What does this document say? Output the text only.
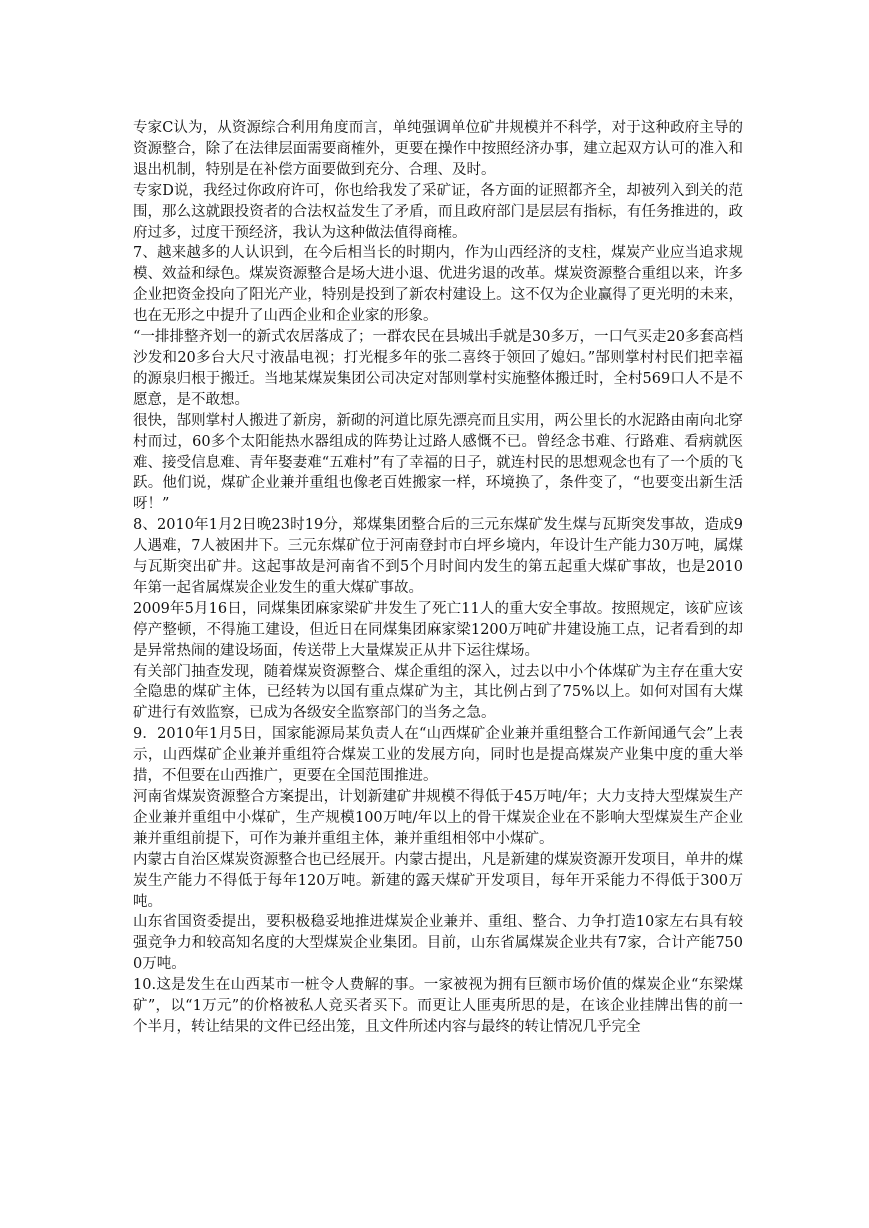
专家C认为，从资源综合利用角度而言，单纯强调单位矿井规模并不科学，对于这种政府主导的资源整合，除了在法律层面需要商榷外，更要在操作中按照经济办事，建立起双方认可的准入和退出机制，特别是在补偿方面要做到充分、合理、及时。

专家D说，我经过你政府许可，你也给我发了采矿证，各方面的证照都齐全，却被列入到关的范围，那么这就跟投资者的合法权益发生了矛盾，而且政府部门是层层有指标，有任务推进的，政府过多，过度干预经济，我认为这种做法值得商榷。

7、越来越多的人认识到，在今后相当长的时期内，作为山西经济的支柱，煤炭产业应当追求规模、效益和绿色。煤炭资源整合是场大进小退、优进劣退的改革。煤炭资源整合重组以来，许多企业把资金投向了阳光产业，特别是投到了新农村建设上。这不仅为企业赢得了更光明的未来，也在无形之中提升了山西企业和企业家的形象。

“一排排整齐划一的新式农居落成了；一群农民在县城出手就是30多万，一口气买走20多套高档沙发和20多台大尺寸液晶电视；打光棍多年的张二喜终于领回了媳妇。”郜则掌村村民们把幸福的源泉归根于搬迁。当地某煤炭集团公司决定对郜则掌村实施整体搬迁时，全村569口人不是不愿意，是不敢想。

很快，郜则掌村人搬进了新房，新砌的河道比原先漂亮而且实用，两公里长的水泥路由南向北穿村而过，60多个太阳能热水器组成的阵势让过路人感慨不已。曾经念书难、行路难、看病就医难、接受信息难、青年娶妻难“五难村”有了幸福的日子，就连村民的思想观念也有了一个质的飞跃。他们说，煤矿企业兼并重组也像老百姓搬家一样，环境换了，条件变了，“也要变出新生活呀！”

8、2010年1月2日晚23时19分，郑煤集团整合后的三元东煤矿发生煤与瓦斯突发事故，造成9人遇难，7人被困井下。三元东煤矿位于河南登封市白坪乡境内，年设计生产能力30万吨，属煤与瓦斯突出矿井。这起事故是河南省不到5个月时间内发生的第五起重大煤矿事故，也是2010年第一起省属煤炭企业发生的重大煤矿事故。

2009年5月16日，同煤集团麻家梁矿井发生了死亡11人的重大安全事故。按照规定，该矿应该停产整顿，不得施工建设，但近日在同煤集团麻家梁1200万吨矿井建设施工点，记者看到的却是异常热闹的建设场面，传送带上大量煤炭正从井下运往煤场。

有关部门抽查发现，随着煤炭资源整合、煤企重组的深入，过去以中小个体煤矿为主存在重大安全隐患的煤矿主体，已经转为以国有重点煤矿为主，其比例占到了75%以上。如何对国有大煤矿进行有效监察，已成为各级安全监察部门的当务之急。

9．2010年1月5日，国家能源局某负责人在“山西煤矿企业兼并重组整合工作新闻通气会”上表示，山西煤矿企业兼并重组符合煤炭工业的发展方向，同时也是提高煤炭产业集中度的重大举措，不但要在山西推广，更要在全国范围推进。

河南省煤炭资源整合方案提出，计划新建矿井规模不得低于45万吨/年；大力支持大型煤炭生产企业兼并重组中小煤矿，生产规模100万吨/年以上的骨干煤炭企业在不影响大型煤炭生产企业兼并重组前提下，可作为兼并重组主体，兼并重组相邻中小煤矿。

内蒙古自治区煤炭资源整合也已经展开。内蒙古提出，凡是新建的煤炭资源开发项目，单井的煤炭生产能力不得低于每年120万吨。新建的露天煤矿开发项目，每年开采能力不得低于300万吨。

山东省国资委提出，要积极稳妥地推进煤炭企业兼并、重组、整合、力争打造10家左右具有较强竞争力和较高知名度的大型煤炭企业集团。目前，山东省属煤炭企业共有7家，合计产能7500万吨。

10.这是发生在山西某市一桩令人费解的事。一家被视为拥有巨额市场价值的煤炭企业“东梁煤矿”，以“1万元”的价格被私人竞买者买下。而更让人匪夷所思的是，在该企业挂牌出售的前一个半月，转让结果的文件已经出笼，且文件所述内容与最终的转让情况几乎完全
